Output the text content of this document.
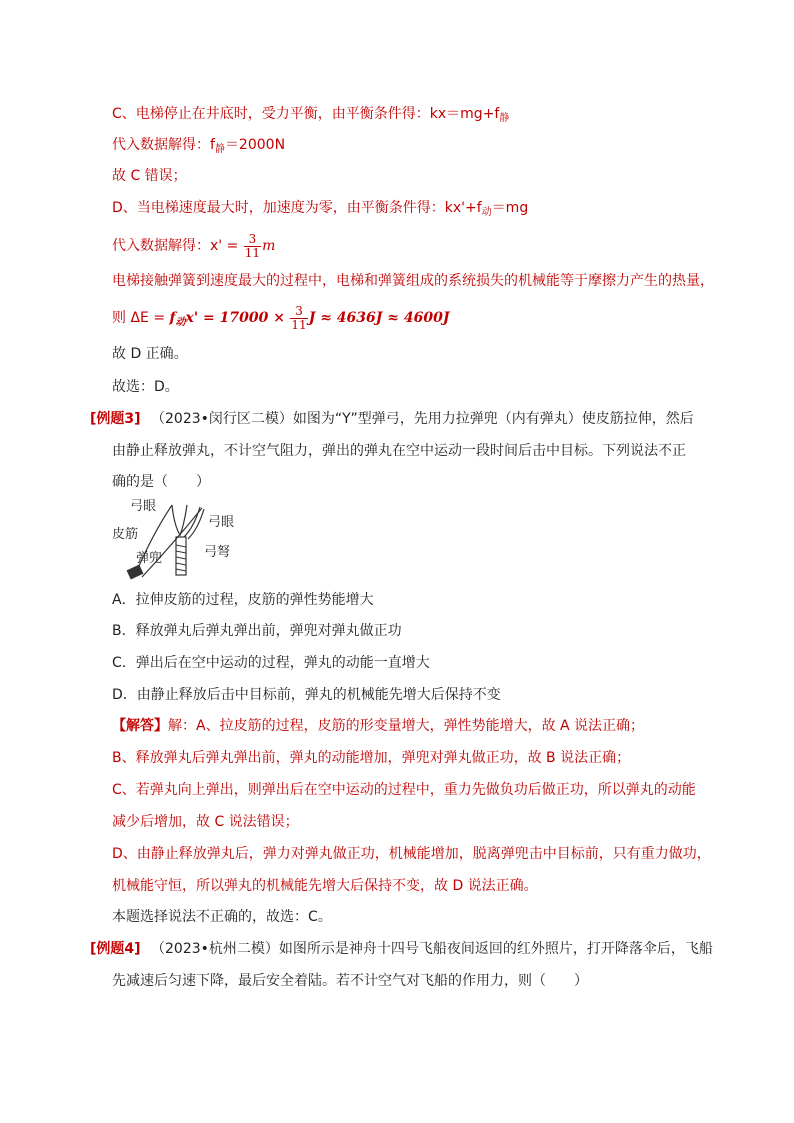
C、电梯停止在井底时，受力平衡，由平衡条件得：$kx=mg+f_静$
代入数据解得：$f_静=2000N$
故 C 错误；
D、当电梯速度最大时，加速度为零，由平衡条件得：$kx'+f_动=mg$
代入数据解得：$x' = \frac{3}{11}$ m
电梯接触弹簧到速度最大的过程中，电梯和弹簧组成的系统损失的机械能等于摩擦力产生的热量，
则 $\Delta E = f_动x' = 17000 \times \frac{3}{11}$ J ≈ 4636J ≈ 4600J
故 D 正确。
故选：D。
[例题3] （2023•闵行区二模）如图为“Y”型弹弓，先用力拉弹兜（内有弹丸）使皮筋拉伸，然后
由静止释放弹丸，不计空气阻力，弹出的弹丸在空中运动一段时间后击中目标。下列说法不正
确的是（　　）
弓眼
弓眼
皮筋
弹兜	弓弩
A．拉伸皮筋的过程，皮筋的弹性势能增大
B．释放弹丸后弹丸弹出前，弹兜对弹丸做正功
C．弹出后在空中运动的过程，弹丸的动能一直增大
D．由静止释放后击中目标前，弹丸的机械能先增大后保持不变
【解答】解：A、拉皮筋的过程，皮筋的形变量增大，弹性势能增大，故 A 说法正确；
B、释放弹丸后弹丸弹出前，弹丸的动能增加，弹兜对弹丸做正功，故 B 说法正确；
C、若弹丸向上弹出，则弹出后在空中运动的过程中，重力先做负功后做正功，所以弹丸的动能
减少后增加，故 C 说法错误；
D、由静止释放弹丸后，弹力对弹丸做正功，机械能增加，脱离弹兜击中目标前，只有重力做功，
机械能守恒，所以弹丸的机械能先增大后保持不变，故 D 说法正确。
本题选择说法不正确的，故选：C。
[例题4] （2023•杭州二模）如图所示是神舟十四号飞船夜间返回的红外照片，打开降落伞后，飞船
先减速后匀速下降，最后安全着陆。若不计空气对飞船的作用力，则（　　）
